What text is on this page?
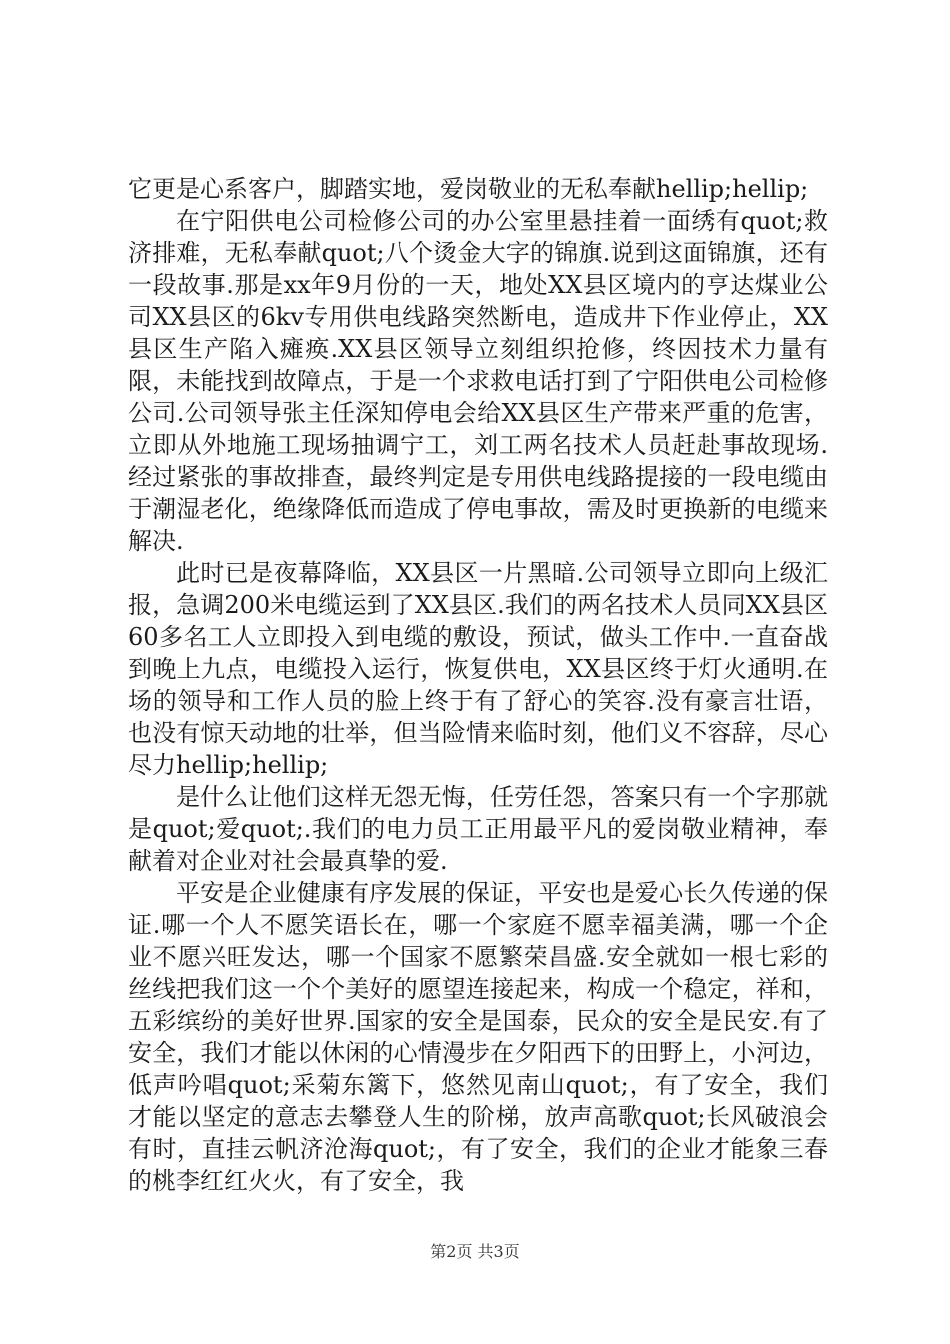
它更是心系客户，脚踏实地，爱岗敬业的无私奉献hellip;hellip;

在宁阳供电公司检修公司的办公室里悬挂着一面绣有quot;救济排难，无私奉献quot;八个烫金大字的锦旗.说到这面锦旗，还有一段故事.那是xx年9月份的一天，地处XX县区境内的亨达煤业公司XX县区的6kv专用供电线路突然断电，造成井下作业停止，XX县区生产陷入瘫痪.XX县区领导立刻组织抢修，终因技术力量有限，未能找到故障点，于是一个求救电话打到了宁阳供电公司检修公司.公司领导张主任深知停电会给XX县区生产带来严重的危害，立即从外地施工现场抽调宁工，刘工两名技术人员赶赴事故现场.经过紧张的事故排查，最终判定是专用供电线路提接的一段电缆由于潮湿老化，绝缘降低而造成了停电事故，需及时更换新的电缆来解决.

此时已是夜幕降临，XX县区一片黑暗.公司领导立即向上级汇报，急调200米电缆运到了XX县区.我们的两名技术人员同XX县区60多名工人立即投入到电缆的敷设，预试，做头工作中.一直奋战到晚上九点，电缆投入运行，恢复供电，XX县区终于灯火通明.在场的领导和工作人员的脸上终于有了舒心的笑容.没有豪言壮语，也没有惊天动地的壮举，但当险情来临时刻，他们义不容辞，尽心尽力hellip;hellip;

是什么让他们这样无怨无悔，任劳任怨，答案只有一个字那就是quot;爱quot;.我们的电力员工正用最平凡的爱岗敬业精神，奉献着对企业对社会最真挚的爱.

平安是企业健康有序发展的保证，平安也是爱心长久传递的保证.哪一个人不愿笑语长在，哪一个家庭不愿幸福美满，哪一个企业不愿兴旺发达，哪一个国家不愿繁荣昌盛.安全就如一根七彩的丝线把我们这一个个美好的愿望连接起来，构成一个稳定，祥和，五彩缤纷的美好世界.国家的安全是国泰，民众的安全是民安.有了安全，我们才能以休闲的心情漫步在夕阳西下的田野上，小河边，低声吟唱quot;采菊东篱下，悠然见南山quot;，有了安全，我们才能以坚定的意志去攀登人生的阶梯，放声高歌quot;长风破浪会有时，直挂云帆济沧海quot;，有了安全，我们的企业才能象三春的桃李红红火火，有了安全，我

第2页 共3页
